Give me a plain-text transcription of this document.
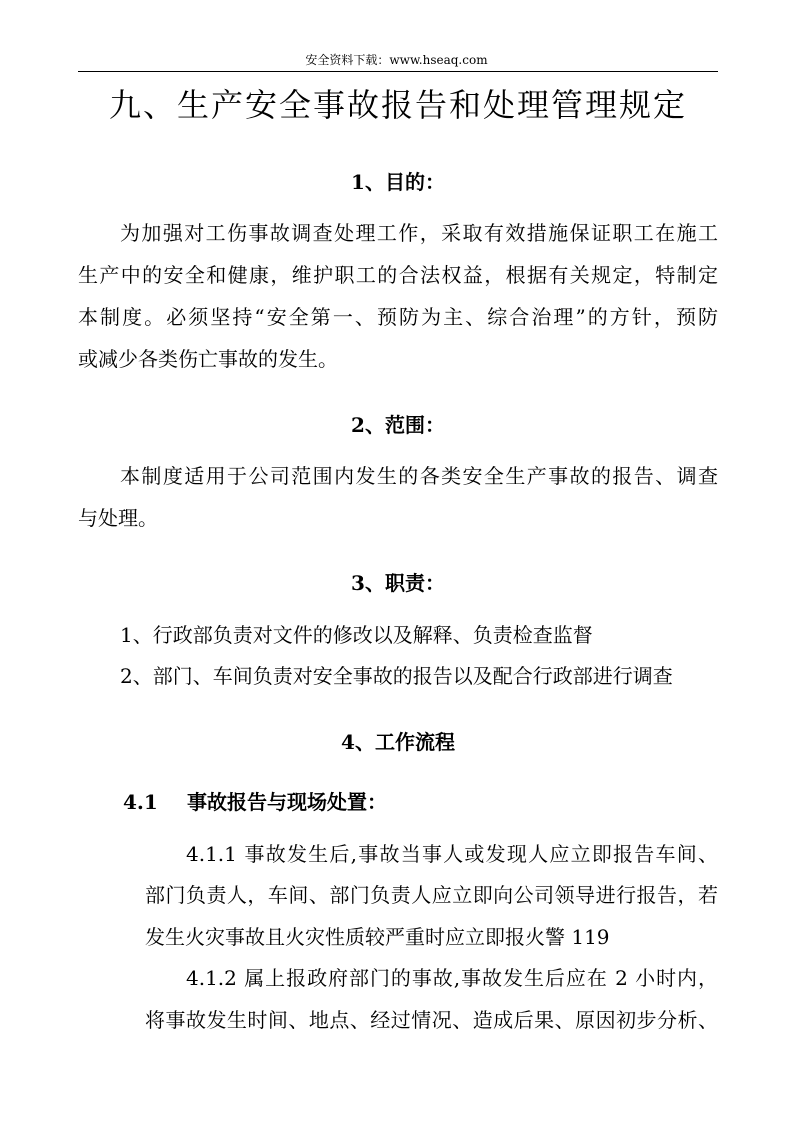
安全资料下载：www.hseaq.com
九、生产安全事故报告和处理管理规定
1、目的：
为加强对工伤事故调查处理工作，采取有效措施保证职工在施工
生产中的安全和健康，维护职工的合法权益，根据有关规定，特制定
本制度。必须坚持“安全第一、预防为主、综合治理”的方针，预防
或减少各类伤亡事故的发生。
2、范围：
本制度适用于公司范围内发生的各类安全生产事故的报告、调查
与处理。
3、职责：
1、行政部负责对文件的修改以及解释、负责检查监督
2、部门、车间负责对安全事故的报告以及配合行政部进行调查
4、工作流程
4.1 事故报告与现场处置：
4.1.1 事故发生后,事故当事人或发现人应立即报告车间、
部门负责人，车间、部门负责人应立即向公司领导进行报告，若
发生火灾事故且火灾性质较严重时应立即报火警 119
4.1.2 属上报政府部门的事故,事故发生后应在 2 小时内，
将事故发生时间、地点、经过情况、造成后果、原因初步分析、
